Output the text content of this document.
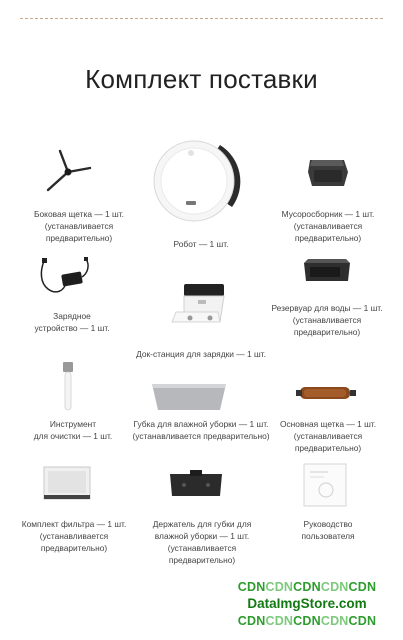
Комплект поставки
Боковая щетка — 1 шт.
(устанавливается
предварительно)
Робот — 1 шт.
Мусоросборник — 1 шт.
(устанавливается
предварительно)
Зарядное
устройство — 1 шт.
Док-станция для зарядки — 1 шт.
Резервуар для воды — 1 шт.
(устанавливается
предварительно)
Инструмент
для очистки — 1 шт.
Губка для влажной уборки — 1 шт.
(устанавливается предварительно)
Основная щетка — 1 шт.
(устанавливается
предварительно)
Комплект фильтра — 1 шт.
(устанавливается
предварительно)
Держатель для губки для
влажной уборки — 1 шт.
(устанавливается предварительно)
Руководство
пользователя
CDNCDNCDNCDNCDN
DataImgStore.com
CDNCDNCDNCDNCDN
